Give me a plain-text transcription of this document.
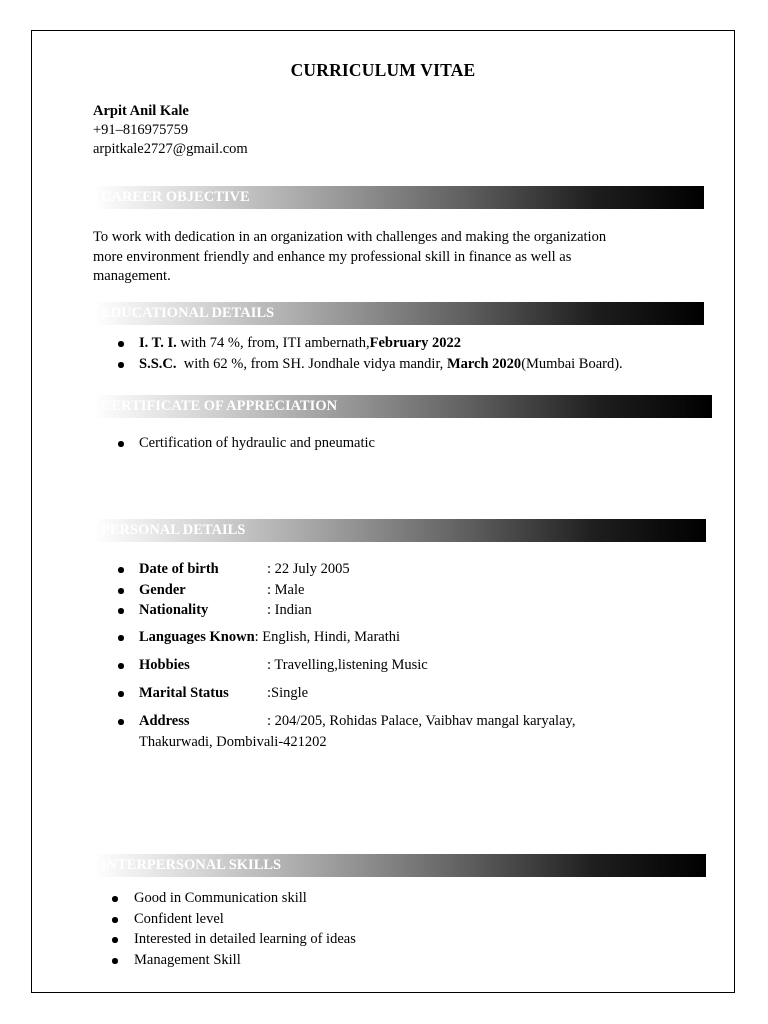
CURRICULUM VITAE
Arpit Anil Kale
+91–816975759
arpitkale2727@gmail.com
CAREER OBJECTIVE
To work with dedication in an organization with challenges and making the organization
more environment friendly and enhance my professional skill in finance as well as
management.
EDUCATIONAL DETAILS
I. T. I. with 74 %, from, ITI ambernath,February 2022
S.S.C.  with 62 %, from SH. Jondhale vidya mandir, March 2020(Mumbai Board).
CERTIFICATE OF APPRECIATION
Certification of hydraulic and pneumatic
PERSONAL DETAILS
Date of birth	: 22 July 2005
Gender	: Male
Nationality	: Indian
Languages Known: English, Hindi, Marathi
Hobbies	: Travelling,listening Music
Marital Status	:Single
Address	: 204/205, Rohidas Palace, Vaibhav mangal karyalay,
Thakurwadi, Dombivali-421202
INTERPERSONAL SKILLS
Good in Communication skill
Confident level
Interested in detailed learning of ideas
Management Skill
